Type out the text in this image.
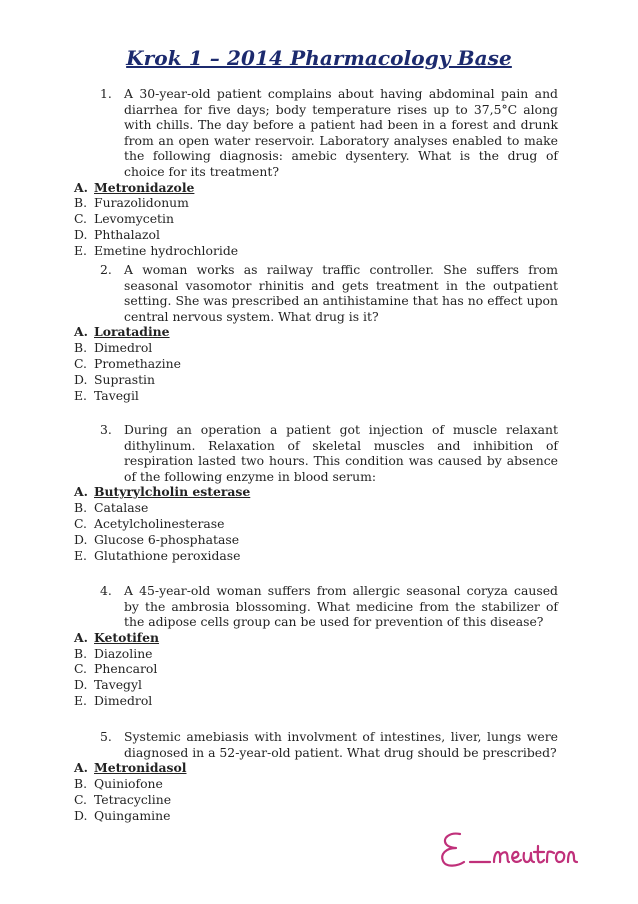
Krok 1 – 2014 Pharmacology Base
1. A 30-year-old patient complains about having abdominal pain and diarrhea for five days; body temperature rises up to 37,5°C along with chills. The day before a patient had been in a forest and drunk from an open water reservoir. Laboratory analyses enabled to make the following diagnosis: amebic dysentery. What is the drug of choice for its treatment?
A. Metronidazole
B. Furazolidonum
C. Levomycetin
D. Phthalazol
E. Emetine hydrochloride
2. A woman works as railway traffic controller. She suffers from seasonal vasomotor rhinitis and gets treatment in the outpatient setting. She was prescribed an antihistamine that has no effect upon central nervous system. What drug is it?
A. Loratadine
B. Dimedrol
C. Promethazine
D. Suprastin
E. Tavegil
3. During an operation a patient got injection of muscle relaxant dithylinum. Relaxation of skeletal muscles and inhibition of respiration lasted two hours. This condition was caused by absence of the following enzyme in blood serum:
A. Butyrylcholin esterase
B. Catalase
C. Acetylcholinesterase
D. Glucose 6-phosphatase
E. Glutathione peroxidase
4. A 45-year-old woman suffers from allergic seasonal coryza caused by the ambrosia blossoming. What medicine from the stabilizer of the adipose cells group can be used for prevention of this disease?
A. Ketotifen
B. Diazoline
C. Phencarol
D. Tavegyl
E. Dimedrol
5. Systemic amebiasis with involvment of intestines, liver, lungs were diagnosed in a 52-year-old patient. What drug should be prescribed?
A. Metronidasol
B. Quiniofone
C. Tetracycline
D. Quingamine
